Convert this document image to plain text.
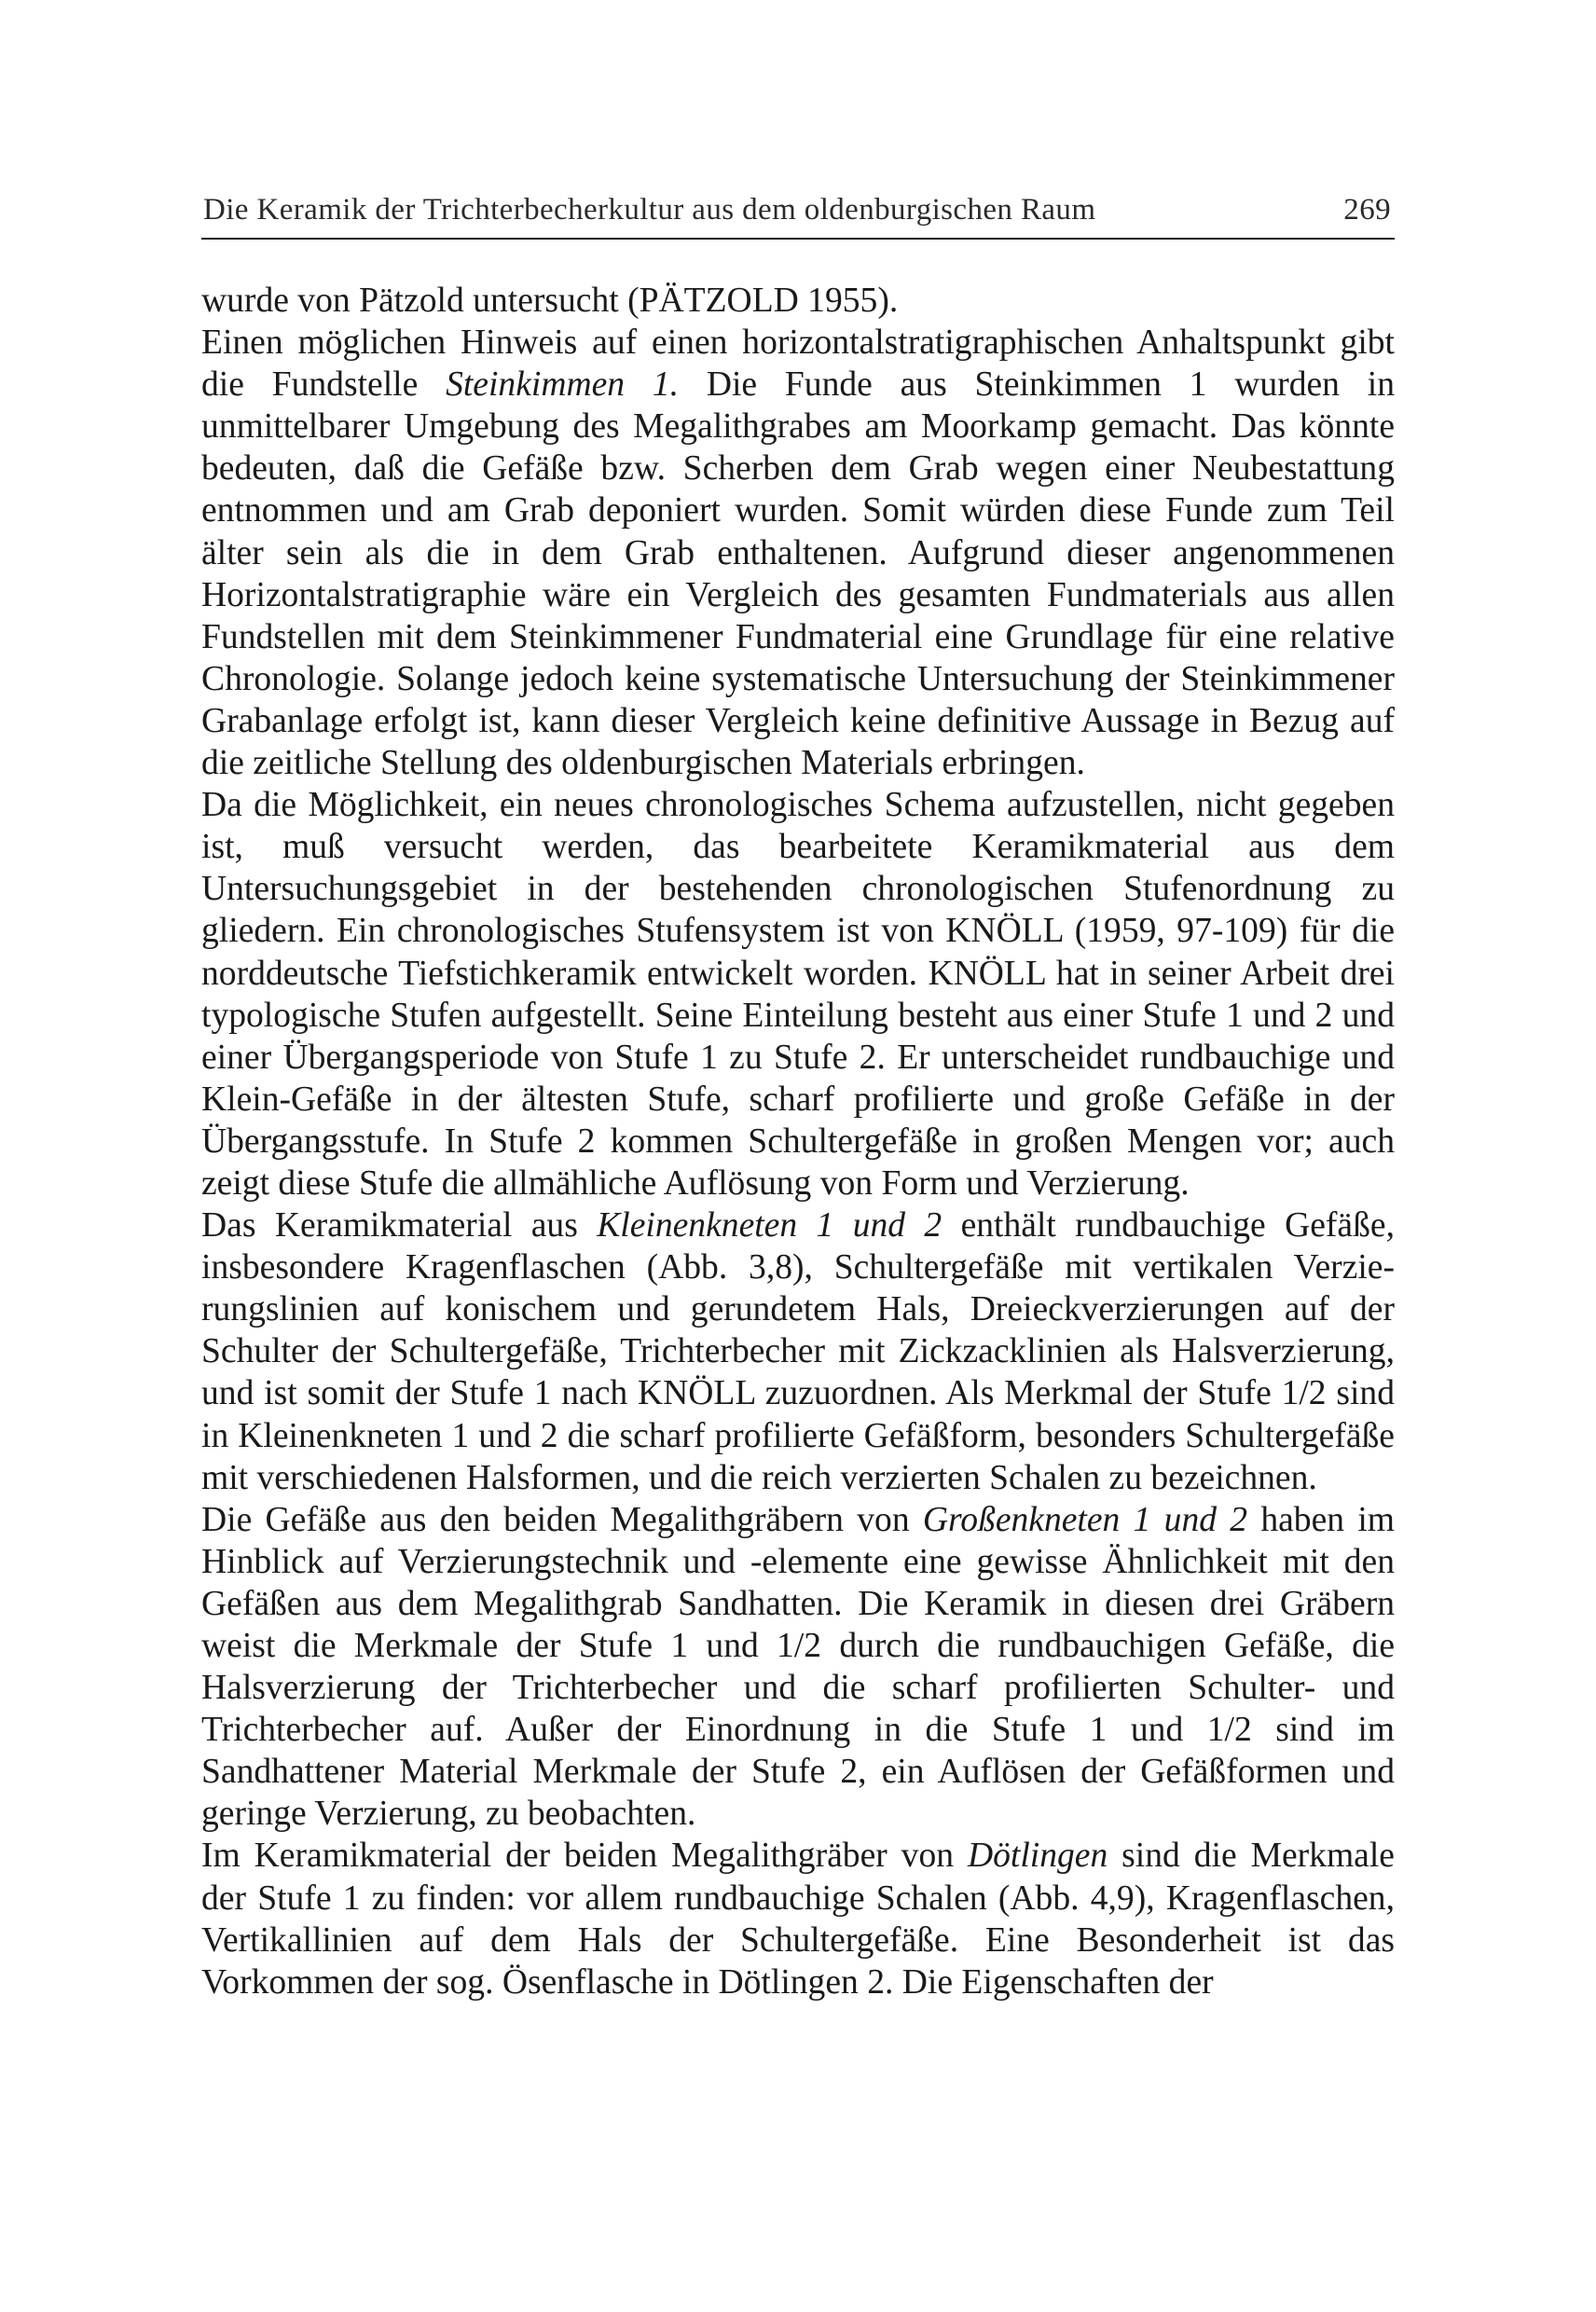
Die Keramik der Trichterbecherkultur aus dem oldenburgischen Raum	269

wurde von Pätzold untersucht (PÄTZOLD 1955).

Einen möglichen Hinweis auf einen horizontalstratigraphischen Anhaltspunkt gibt die Fundstelle Steinkimmen 1. Die Funde aus Steinkimmen 1 wurden in unmittelbarer Umgebung des Megalithgrabes am Moorkamp gemacht. Das könnte bedeuten, daß die Gefäße bzw. Scherben dem Grab wegen einer Neubestattung entnommen und am Grab deponiert wurden. Somit würden diese Funde zum Teil älter sein als die in dem Grab enthaltenen. Aufgrund dieser angenommenen Horizontalstratigraphie wäre ein Vergleich des gesamten Fundmaterials aus allen Fundstellen mit dem Steinkimmener Fundmaterial eine Grundlage für eine relative Chronologie. Solange jedoch keine systematische Untersuchung der Steinkimmener Grabanlage erfolgt ist, kann dieser Vergleich keine definitive Aussage in Bezug auf die zeitliche Stellung des oldenburgischen Materials erbringen.

Da die Möglichkeit, ein neues chronologisches Schema aufzustellen, nicht gegeben ist, muß versucht werden, das bearbeitete Keramikmaterial aus dem Untersuchungsgebiet in der bestehenden chronologischen Stufenordnung zu gliedern. Ein chronologisches Stufensystem ist von KNÖLL (1959, 97-109) für die norddeutsche Tiefstichkeramik entwickelt worden. KNÖLL hat in seiner Arbeit drei typologische Stufen aufgestellt. Seine Einteilung besteht aus einer Stufe 1 und 2 und einer Übergangsperiode von Stufe 1 zu Stufe 2. Er unterscheidet rundbauchige und Klein-Gefäße in der ältesten Stufe, scharf profilierte und große Gefäße in der Übergangsstufe. In Stufe 2 kommen Schultergefäße in großen Mengen vor; auch zeigt diese Stufe die allmähliche Auflösung von Form und Verzierung.

Das Keramikmaterial aus Kleinenkneten 1 und 2 enthält rundbauchige Gefäße, insbesondere Kragenflaschen (Abb. 3,8), Schultergefäße mit vertikalen Verzierungslinien auf konischem und gerundetem Hals, Dreieckverzierungen auf der Schulter der Schultergefäße, Trichterbecher mit Zickzacklinien als Halsverzierung, und ist somit der Stufe 1 nach KNÖLL zuzuordnen. Als Merkmal der Stufe 1/2 sind in Kleinenkneten 1 und 2 die scharf profilierte Gefäßform, besonders Schultergefäße mit verschiedenen Halsformen, und die reich verzierten Schalen zu bezeichnen.

Die Gefäße aus den beiden Megalithgräbern von Großenkneten 1 und 2 haben im Hinblick auf Verzierungstechnik und -elemente eine gewisse Ähnlichkeit mit den Gefäßen aus dem Megalithgrab Sandhatten. Die Keramik in diesen drei Gräbern weist die Merkmale der Stufe 1 und 1/2 durch die rundbauchigen Gefäße, die Halsverzierung der Trichterbecher und die scharf profilierten Schulter- und Trichterbecher auf. Außer der Einordnung in die Stufe 1 und 1/2 sind im Sandhattener Material Merkmale der Stufe 2, ein Auflösen der Gefäßformen und geringe Verzierung, zu beobachten.

Im Keramikmaterial der beiden Megalithgräber von Dötlingen sind die Merkmale der Stufe 1 zu finden: vor allem rundbauchige Schalen (Abb. 4,9), Kragenflaschen, Vertikallinien auf dem Hals der Schultergefäße. Eine Besonderheit ist das Vorkommen der sog. Ösenflasche in Dötlingen 2. Die Eigenschaften der
